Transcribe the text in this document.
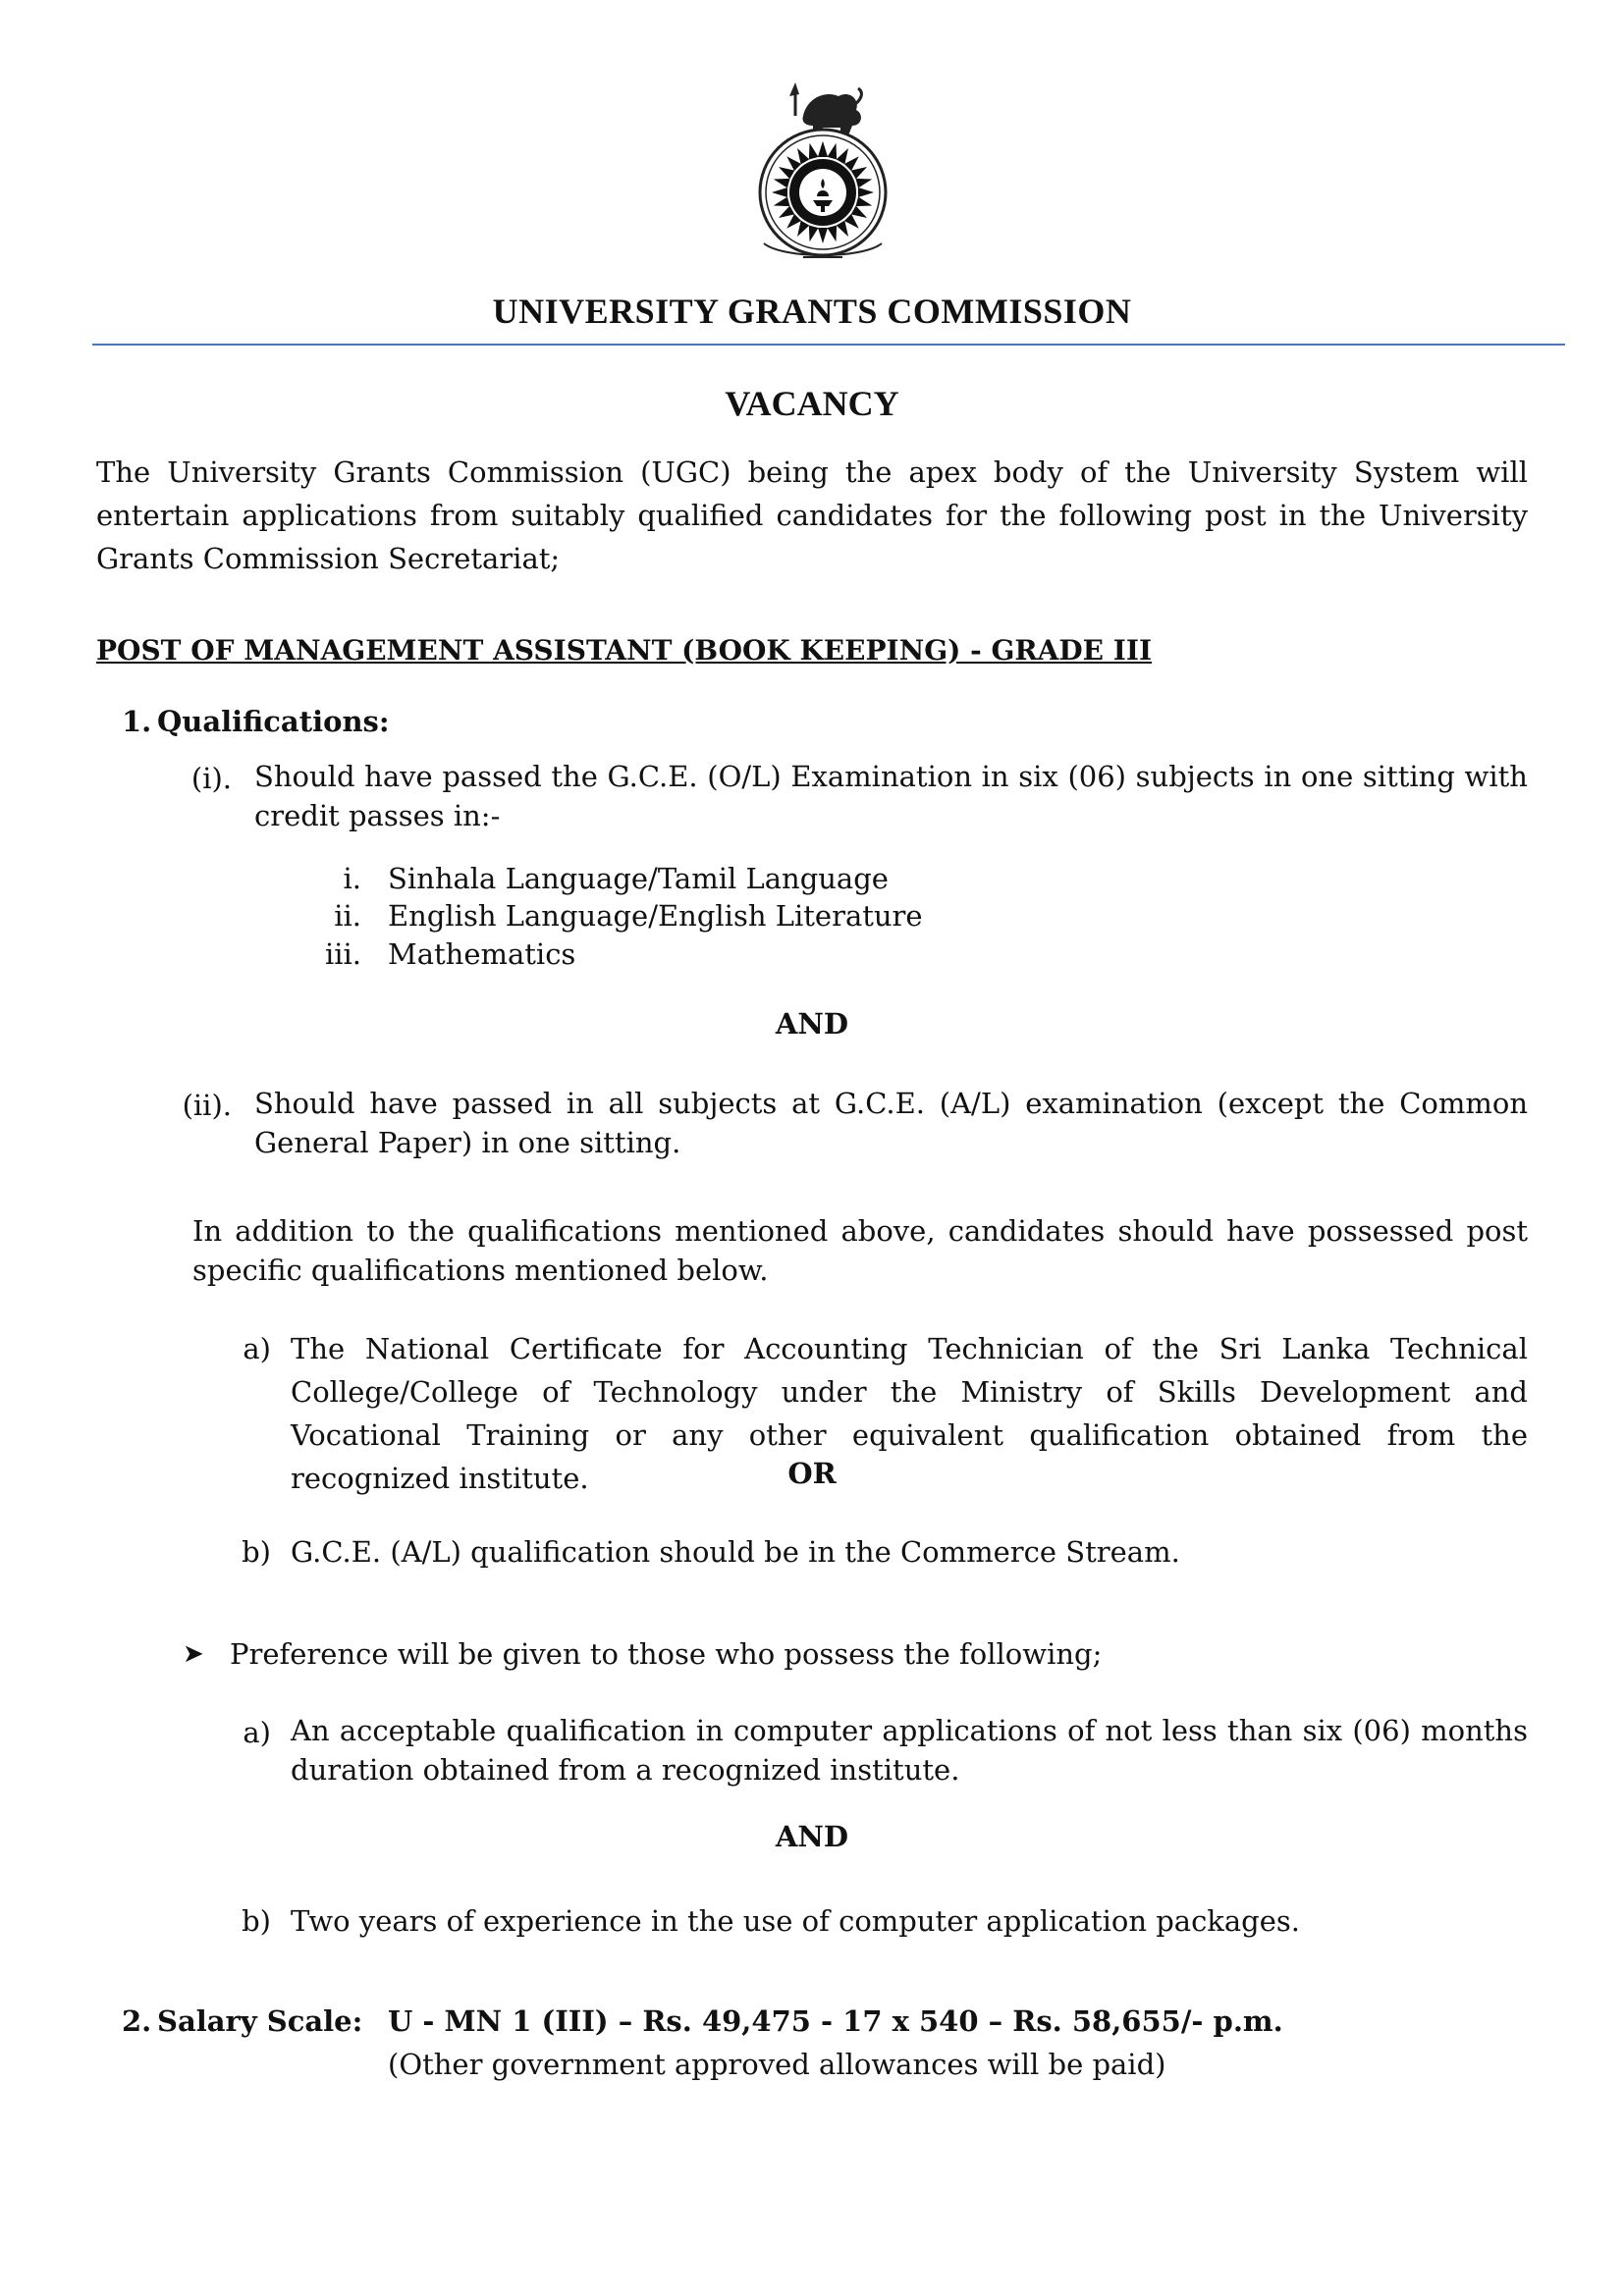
UNIVERSITY GRANTS COMMISSION
VACANCY
The University Grants Commission (UGC) being the apex body of the University System will entertain applications from suitably qualified candidates for the following post in the University Grants Commission Secretariat;
POST OF MANAGEMENT ASSISTANT (BOOK KEEPING) - GRADE III
1. Qualifications:
(i). Should have passed the G.C.E. (O/L) Examination in six (06) subjects in one sitting with credit passes in:-
i. Sinhala Language/Tamil Language
ii. English Language/English Literature
iii. Mathematics
AND
(ii). Should have passed in all subjects at G.C.E. (A/L) examination (except the Common General Paper) in one sitting.
In addition to the qualifications mentioned above, candidates should have possessed post specific qualifications mentioned below.
a) The National Certificate for Accounting Technician of the Sri Lanka Technical College/College of Technology under the Ministry of Skills Development and Vocational Training or any other equivalent qualification obtained from the recognized institute.	OR
b) G.C.E. (A/L) qualification should be in the Commerce Stream.
➤ Preference will be given to those who possess the following;
a) An acceptable qualification in computer applications of not less than six (06) months duration obtained from a recognized institute.
AND
b) Two years of experience in the use of computer application packages.
2. Salary Scale: U - MN 1 (III) – Rs. 49,475 - 17 x 540 – Rs. 58,655/- p.m.
(Other government approved allowances will be paid)
